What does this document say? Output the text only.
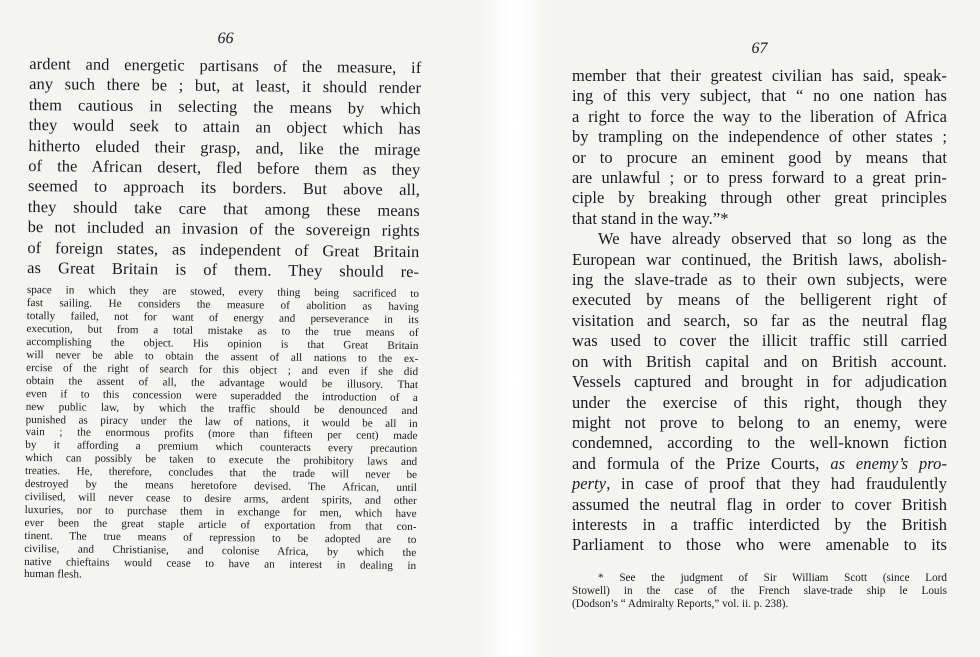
66
ardent and energetic partisans of the measure, if
any such there be ; but, at least, it should render
them cautious in selecting the means by which
they would seek to attain an object which has
hitherto eluded their grasp, and, like the mirage
of the African desert, fled before them as they
seemed to approach its borders. But above all,
they should take care that among these means
be not included an invasion of the sovereign rights
of foreign states, as independent of Great Britain
as Great Britain is of them. They should re-
space in which they are stowed, every thing being sacrificed to
fast sailing. He considers the measure of abolition as having
totally failed, not for want of energy and perseverance in its
execution, but from a total mistake as to the true means of
accomplishing the object. His opinion is that Great Britain
will never be able to obtain the assent of all nations to the ex-
ercise of the right of search for this object ; and even if she did
obtain the assent of all, the advantage would be illusory. That
even if to this concession were superadded the introduction of a
new public law, by which the traffic should be denounced and
punished as piracy under the law of nations, it would be all in
vain ; the enormous profits (more than fifteen per cent) made
by it affording a premium which counteracts every precaution
which can possibly be taken to execute the prohibitory laws and
treaties. He, therefore, concludes that the trade will never be
destroyed by the means heretofore devised. The African, until
civilised, will never cease to desire arms, ardent spirits, and other
luxuries, nor to purchase them in exchange for men, which have
ever been the great staple article of exportation from that con-
tinent. The true means of repression to be adopted are to
civilise, and Christianise, and colonise Africa, by which the
native chieftains would cease to have an interest in dealing in
human flesh.
67
member that their greatest civilian has said, speak-
ing of this very subject, that “ no one nation has
a right to force the way to the liberation of Africa
by trampling on the independence of other states ;
or to procure an eminent good by means that
are unlawful ; or to press forward to a great prin-
ciple by breaking through other great principles
that stand in the way.”*
We have already observed that so long as the
European war continued, the British laws, abolish-
ing the slave-trade as to their own subjects, were
executed by means of the belligerent right of
visitation and search, so far as the neutral flag
was used to cover the illicit traffic still carried
on with British capital and on British account.
Vessels captured and brought in for adjudication
under the exercise of this right, though they
might not prove to belong to an enemy, were
condemned, according to the well-known fiction
and formula of the Prize Courts, as enemy’s pro-
perty, in case of proof that they had fraudulently
assumed the neutral flag in order to cover British
interests in a traffic interdicted by the British
Parliament to those who were amenable to its
* See the judgment of Sir William Scott (since Lord
Stowell) in the case of the French slave-trade ship le Louis
(Dodson’s “ Admiralty Reports,” vol. ii. p. 238).
